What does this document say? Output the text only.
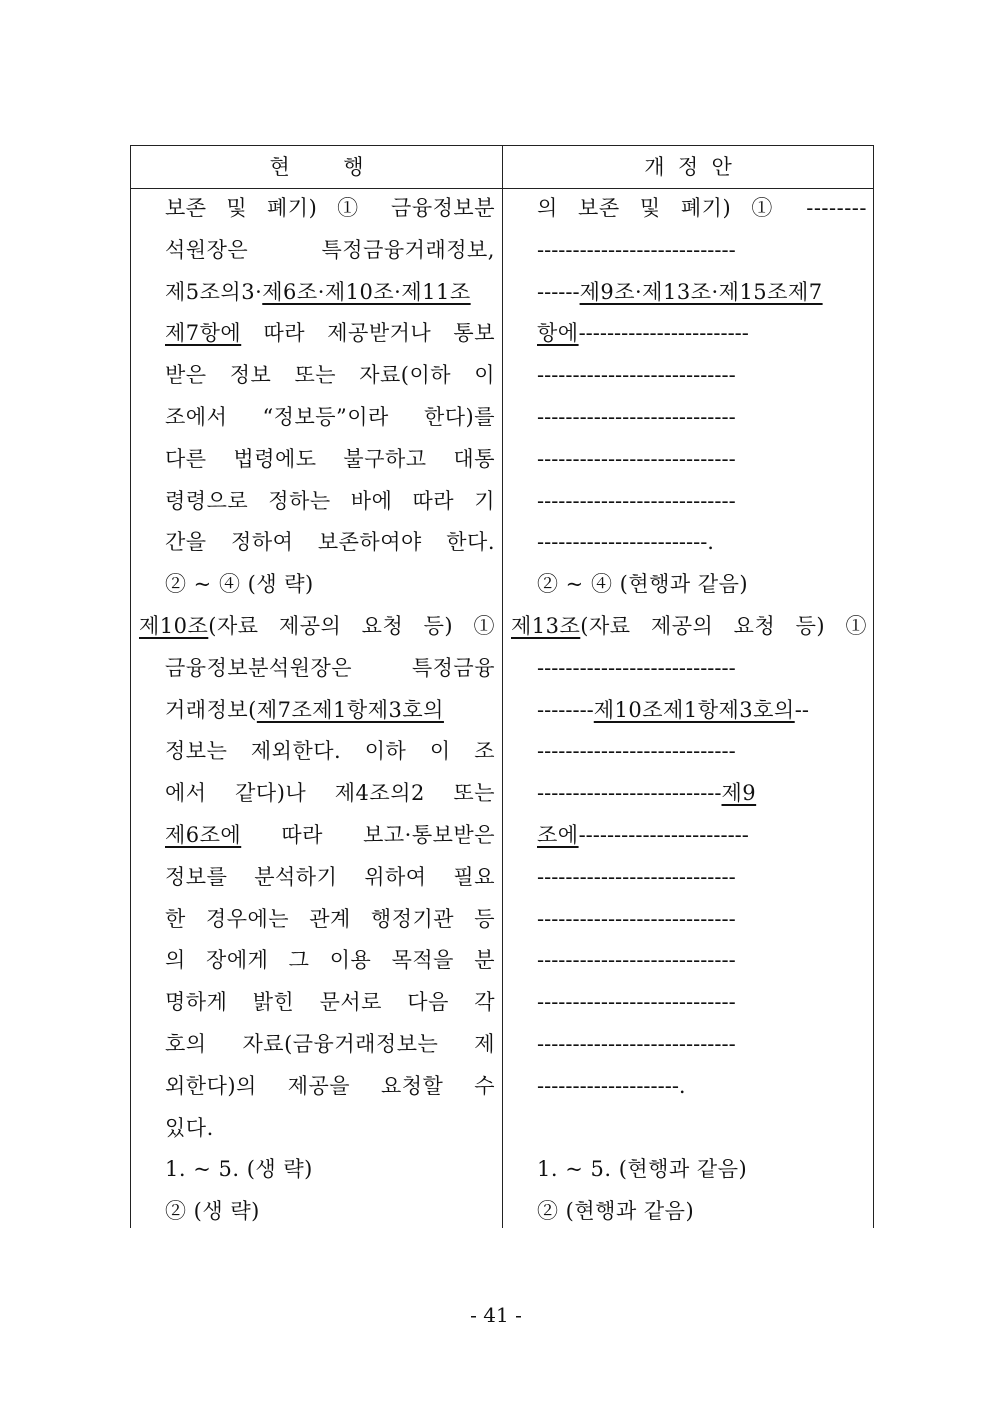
현        행	개  정  안
보존 및 폐기) ① 금융정보분
석원장은 특정금융거래정보,
제5조의3·제6조·제10조·제11조
제7항에 따라 제공받거나 통보
받은 정보 또는 자료(이하 이
조에서 “정보등”이라 한다)를
다른 법령에도 불구하고 대통
령령으로 정하는 바에 따라 기
간을 정하여 보존하여야 한다.
② ~ ④ (생 략)
제10조(자료 제공의 요청 등) ①
금융정보분석원장은 특정금융
거래정보(제7조제1항제3호의
정보는 제외한다. 이하 이 조
에서 같다)나 제4조의2 또는
제6조에 따라 보고·통보받은
정보를 분석하기 위하여 필요
한 경우에는 관계 행정기관 등
의 장에게 그 이용 목적을 분
명하게 밝힌 문서로 다음 각
호의 자료(금융거래정보는 제
외한다)의 제공을 요청할 수
있다.
1. ~ 5. (생 략)
② (생 략)
의 보존 및 폐기) ① --------
----------------------------
------제9조·제13조·제15조제7
항에------------------------
----------------------------
----------------------------
----------------------------
----------------------------
------------------------.
② ~ ④ (현행과 같음)
제13조(자료 제공의 요청 등) ①
----------------------------
--------제10조제1항제3호의--
----------------------------
--------------------------제9
조에------------------------
----------------------------
----------------------------
----------------------------
----------------------------
----------------------------
--------------------.
1. ~ 5. (현행과 같음)
② (현행과 같음)
- 41 -
